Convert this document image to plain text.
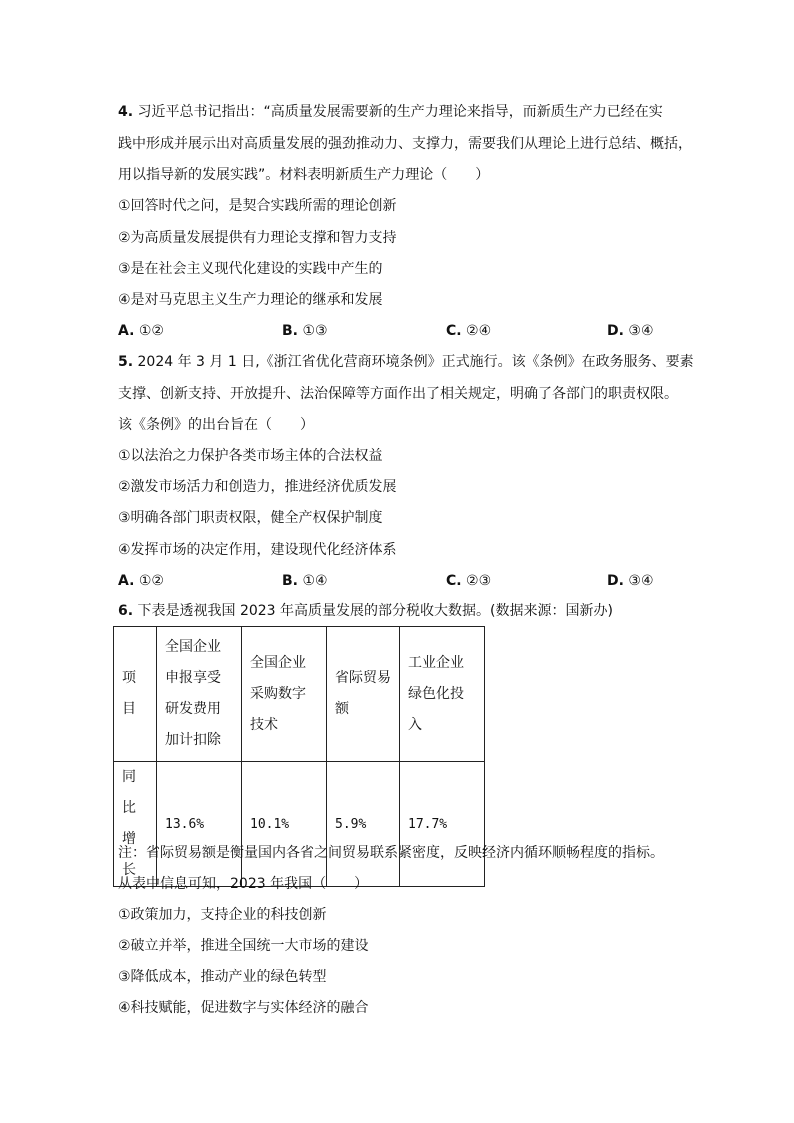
4. 习近平总书记指出：“高质量发展需要新的生产力理论来指导，而新质生产力已经在实
践中形成并展示出对高质量发展的强劲推动力、支撑力，需要我们从理论上进行总结、概括，
用以指导新的发展实践”。材料表明新质生产力理论（　　）
①回答时代之问，是契合实践所需的理论创新
②为高质量发展提供有力理论支撑和智力支持
③是在社会主义现代化建设的实践中产生的
④是对马克思主义生产力理论的继承和发展
A. ①②	B. ①③	C. ②④	D. ③④
5. 2024 年 3 月 1 日,《浙江省优化营商环境条例》正式施行。该《条例》在政务服务、要素
支撑、创新支持、开放提升、法治保障等方面作出了相关规定，明确了各部门的职责权限。
该《条例》的出台旨在（　　）
①以法治之力保护各类市场主体的合法权益
②激发市场活力和创造力，推进经济优质发展
③明确各部门职责权限，健全产权保护制度
④发挥市场的决定作用，建设现代化经济体系
A. ①②	B. ①④	C. ②③	D. ③④
6. 下表是透视我国 2023 年高质量发展的部分税收大数据。(数据来源：国新办)
项目	全国企业申报享受研发费用加计扣除	全国企业采购数字技术	省际贸易额	工业企业绿色化投入

同比增长	13.6%	10.1%	5.9%	17.7%
注：省际贸易额是衡量国内各省之间贸易联系紧密度，反映经济内循环顺畅程度的指标。
从表中信息可知，2023 年我国（　　）
①政策加力，支持企业的科技创新
②破立并举，推进全国统一大市场的建设
③降低成本，推动产业的绿色转型
④科技赋能，促进数字与实体经济的融合
